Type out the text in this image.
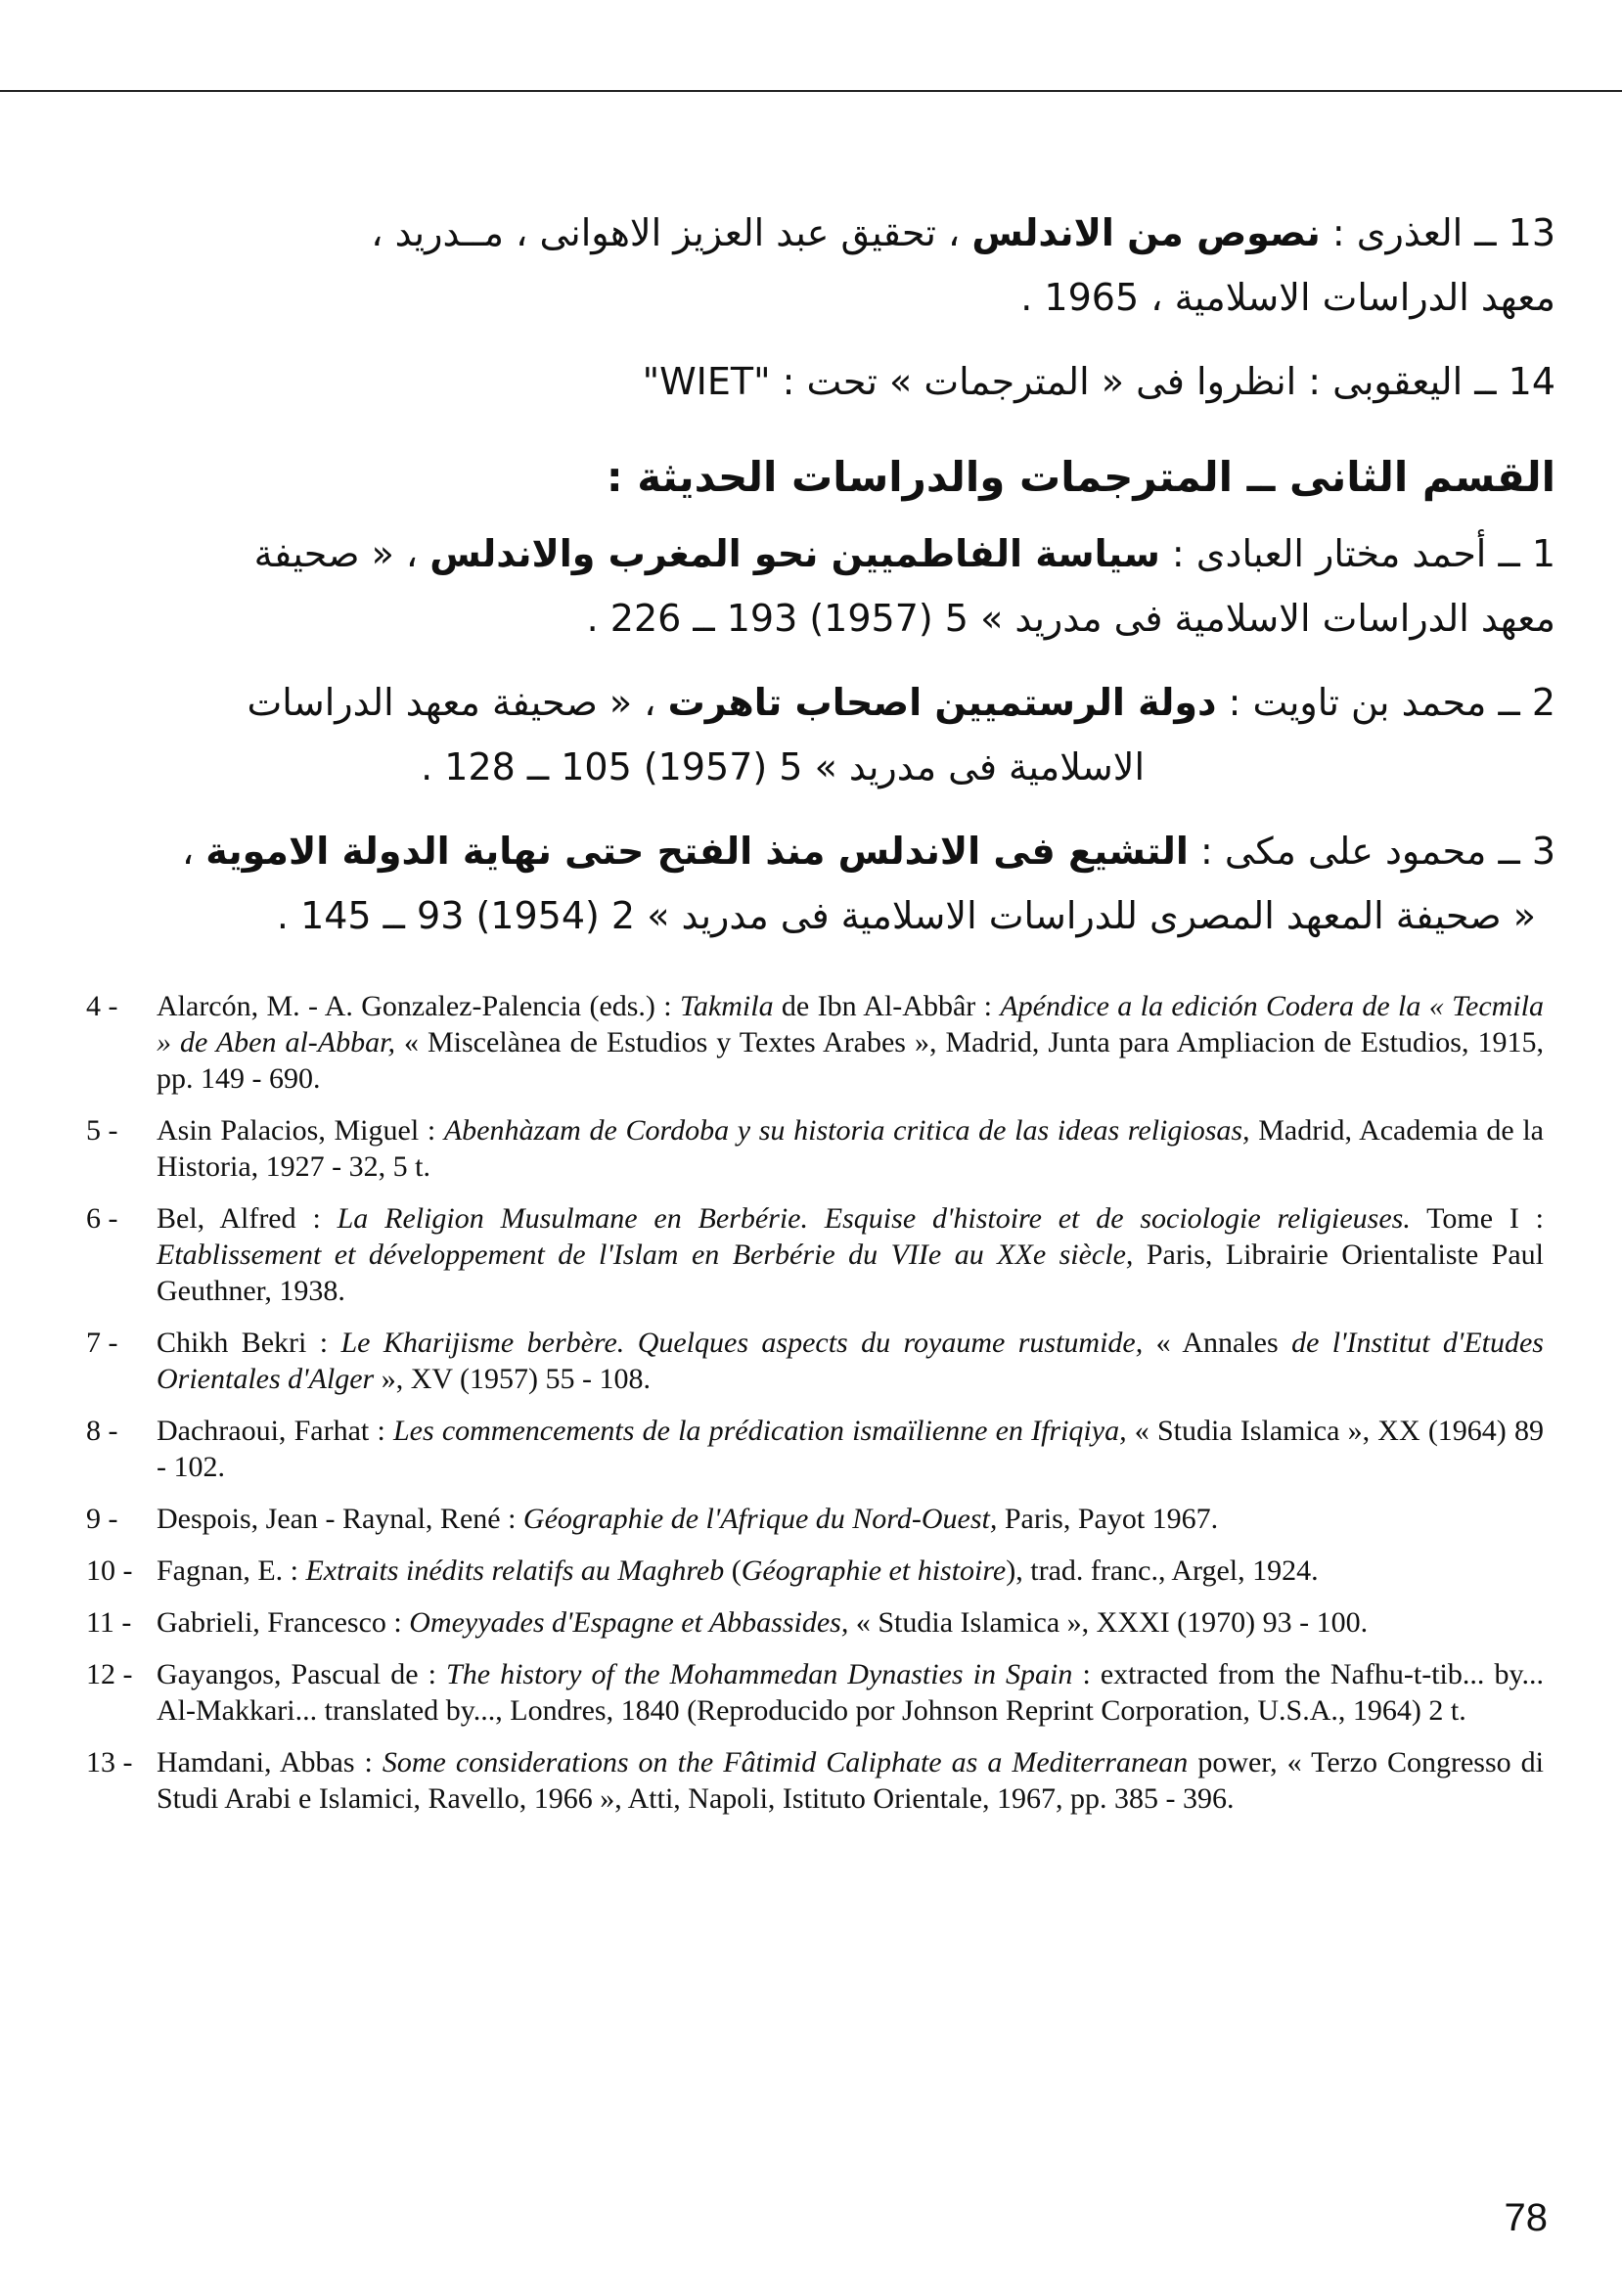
13 ــ العذرى : نصوص من الاندلس ، تحقيق عبد العزيز الاهوانى ، مــدريد ،
معهد الدراسات الاسلامية ، 1965 .
14 ــ اليعقوبى : انظروا فى « المترجمات » تحت : "WIET"
القسم الثانى ــ المترجمات والدراسات الحديثة :
1 ــ أحمد مختار العبادى : سياسة الفاطميين نحو المغرب والاندلس ، « صحيفة
معهد الدراسات الاسلامية فى مدريد » 5 (1957) 193 ــ 226 .
2 ــ محمد بن تاويت : دولة الرستميين اصحاب تاهرت ، « صحيفة معهد الدراسات
الاسلامية فى مدريد » 5 (1957) 105 ــ 128 .
3 ــ محمود على مكى : التشيع فى الاندلس منذ الفتح حتى نهاية الدولة الاموية ،
« صحيفة المعهد المصرى للدراسات الاسلامية فى مدريد » 2 (1954) 93 ــ 145 .
4 -	Alarcón, M. - A. Gonzalez-Palencia (eds.) : Takmila de Ibn Al-Abbâr : Apéndice a la edición Codera de la « Tecmila » de Aben al-Abbar, « Miscelànea de Estudios y Textes Arabes », Madrid, Junta para Ampliacion de Estudios, 1915, pp. 149 - 690.
5 -	Asin Palacios, Miguel : Abenhàzam de Cordoba y su historia critica de las ideas religiosas, Madrid, Academia de la Historia, 1927 - 32, 5 t.
6 -	Bel, Alfred : La Religion Musulmane en Berbérie. Esquise d'histoire et de sociologie religieuses. Tome I : Etablissement et développement de l'Islam en Berbérie du VIIe au XXe siècle, Paris, Librairie Orientaliste Paul Geuthner, 1938.
7 -	Chikh Bekri : Le Kharijisme berbère. Quelques aspects du royaume rustumide, « Annales de l'Institut d'Etudes Orientales d'Alger », XV (1957) 55 - 108.
8 -	Dachraoui, Farhat : Les commencements de la prédication ismaïlienne en Ifriqiya, « Studia Islamica », XX (1964) 89 - 102.
9 -	Despois, Jean - Raynal, René : Géographie de l'Afrique du Nord-Ouest, Paris, Payot 1967.
10 - Fagnan, E. : Extraits inédits relatifs au Maghreb (Géographie et histoire), trad. franc., Argel, 1924.
11 - Gabrieli, Francesco : Omeyyades d'Espagne et Abbassides, « Studia Islamica », XXXI (1970) 93 - 100.
12 - Gayangos, Pascual de : The history of the Mohammedan Dynasties in Spain : extracted from the Nafhu-t-tib... by... Al-Makkari... translated by..., Londres, 1840 (Reproducido por Johnson Reprint Corporation, U.S.A., 1964) 2 t.
13 - Hamdani, Abbas : Some considerations on the Fâtimid Caliphate as a Mediterranean power, « Terzo Congresso di Studi Arabi e Islamici, Ravello, 1966 », Atti, Napoli, Istituto Orientale, 1967, pp. 385 - 396.
78
